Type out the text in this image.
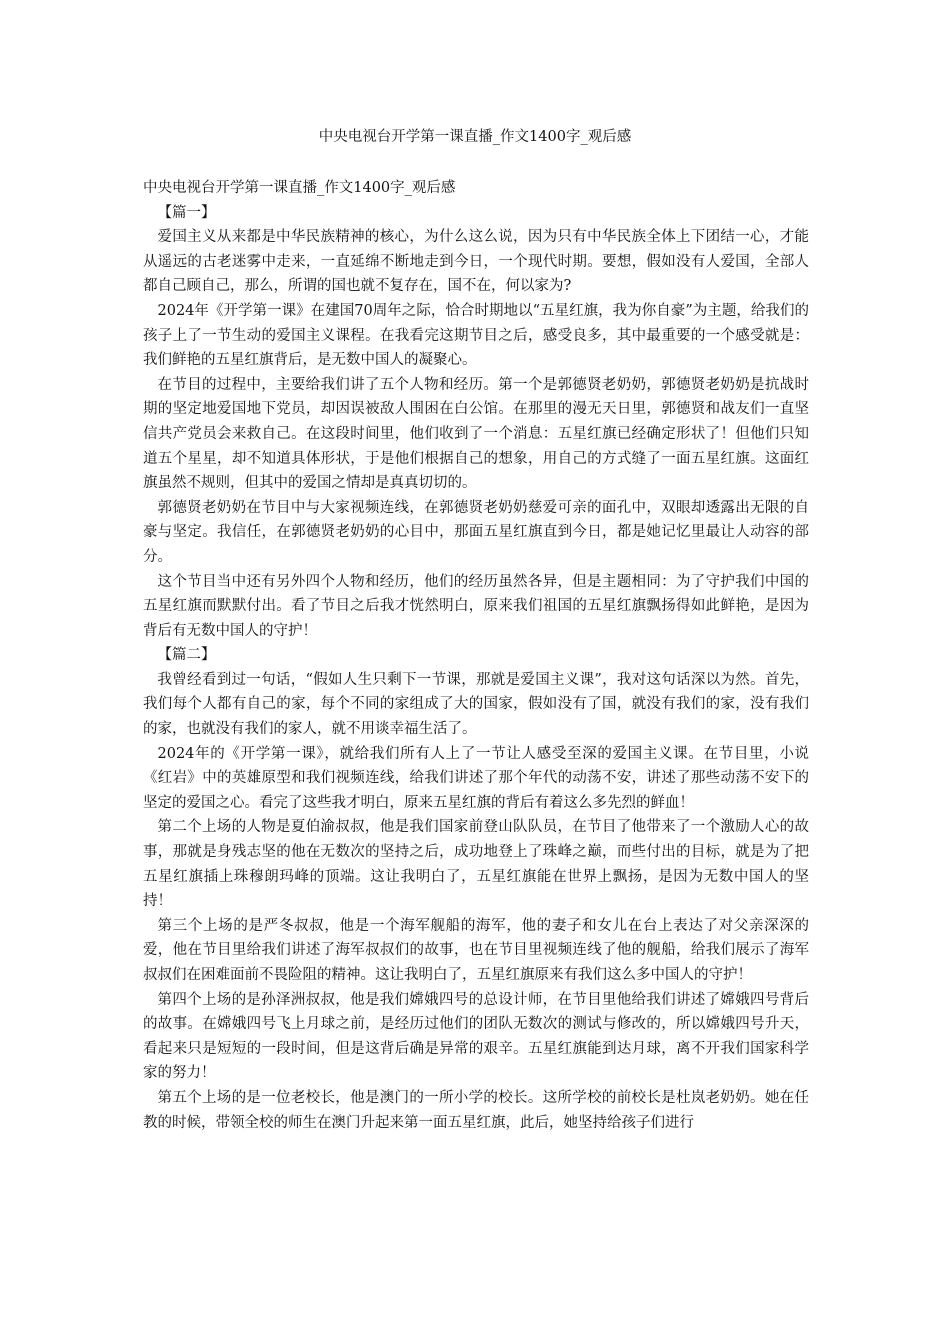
中央电视台开学第一课直播_作文1400字_观后感

中央电视台开学第一课直播_作文1400字_观后感

【篇一】

爱国主义从来都是中华民族精神的核心，为什么这么说，因为只有中华民族全体上下团结一心，才能从遥远的古老迷雾中走来，一直延绵不断地走到今日，一个现代时期。要想，假如没有人爱国，全部人都自己顾自己，那么，所谓的国也就不复存在，国不在，何以家为?

2024年《开学第一课》在建国70周年之际，恰合时期地以“五星红旗，我为你自豪”为主题，给我们的孩子上了一节生动的爱国主义课程。在我看完这期节目之后，感受良多，其中最重要的一个感受就是：我们鲜艳的五星红旗背后，是无数中国人的凝聚心。

在节目的过程中，主要给我们讲了五个人物和经历。第一个是郭德贤老奶奶，郭德贤老奶奶是抗战时期的坚定地爱国地下党员，却因误被敌人围困在白公馆。在那里的漫无天日里，郭德贤和战友们一直坚信共产党员会来救自己。在这段时间里，他们收到了一个消息：五星红旗已经确定形状了！但他们只知道五个星星，却不知道具体形状，于是他们根据自己的想象，用自己的方式缝了一面五星红旗。这面红旗虽然不规则，但其中的爱国之情却是真真切切的。

郭德贤老奶奶在节目中与大家视频连线，在郭德贤老奶奶慈爱可亲的面孔中，双眼却透露出无限的自豪与坚定。我信任，在郭德贤老奶奶的心目中，那面五星红旗直到今日，都是她记忆里最让人动容的部分。

这个节目当中还有另外四个人物和经历，他们的经历虽然各异，但是主题相同：为了守护我们中国的五星红旗而默默付出。看了节目之后我才恍然明白，原来我们祖国的五星红旗飘扬得如此鲜艳，是因为背后有无数中国人的守护！

【篇二】

我曾经看到过一句话，“假如人生只剩下一节课，那就是爱国主义课”，我对这句话深以为然。首先，我们每个人都有自己的家，每个不同的家组成了大的国家，假如没有了国，就没有我们的家，没有我们的家，也就没有我们的家人，就不用谈幸福生活了。

2024年的《开学第一课》，就给我们所有人上了一节让人感受至深的爱国主义课。在节目里，小说《红岩》中的英雄原型和我们视频连线，给我们讲述了那个年代的动荡不安，讲述了那些动荡不安下的坚定的爱国之心。看完了这些我才明白，原来五星红旗的背后有着这么多先烈的鲜血！

第二个上场的人物是夏伯渝叔叔，他是我们国家前登山队队员，在节目了他带来了一个激励人心的故事，那就是身残志坚的他在无数次的坚持之后，成功地登上了珠峰之巅，而些付出的目标，就是为了把五星红旗插上珠穆朗玛峰的顶端。这让我明白了，五星红旗能在世界上飘扬，是因为无数中国人的坚持！

第三个上场的是严冬叔叔，他是一个海军舰船的海军，他的妻子和女儿在台上表达了对父亲深深的爱，他在节目里给我们讲述了海军叔叔们的故事，也在节目里视频连线了他的舰船，给我们展示了海军叔叔们在困难面前不畏险阻的精神。这让我明白了，五星红旗原来有我们这么多中国人的守护！

第四个上场的是孙泽洲叔叔，他是我们嫦娥四号的总设计师，在节目里他给我们讲述了嫦娥四号背后的故事。在嫦娥四号飞上月球之前，是经历过他们的团队无数次的测试与修改的，所以嫦娥四号升天，看起来只是短短的一段时间，但是这背后确是异常的艰辛。五星红旗能到达月球，离不开我们国家科学家的努力！

第五个上场的是一位老校长，他是澳门的一所小学的校长。这所学校的前校长是杜岚老奶奶。她在任教的时候，带领全校的师生在澳门升起来第一面五星红旗，此后，她坚持给孩子们进行
